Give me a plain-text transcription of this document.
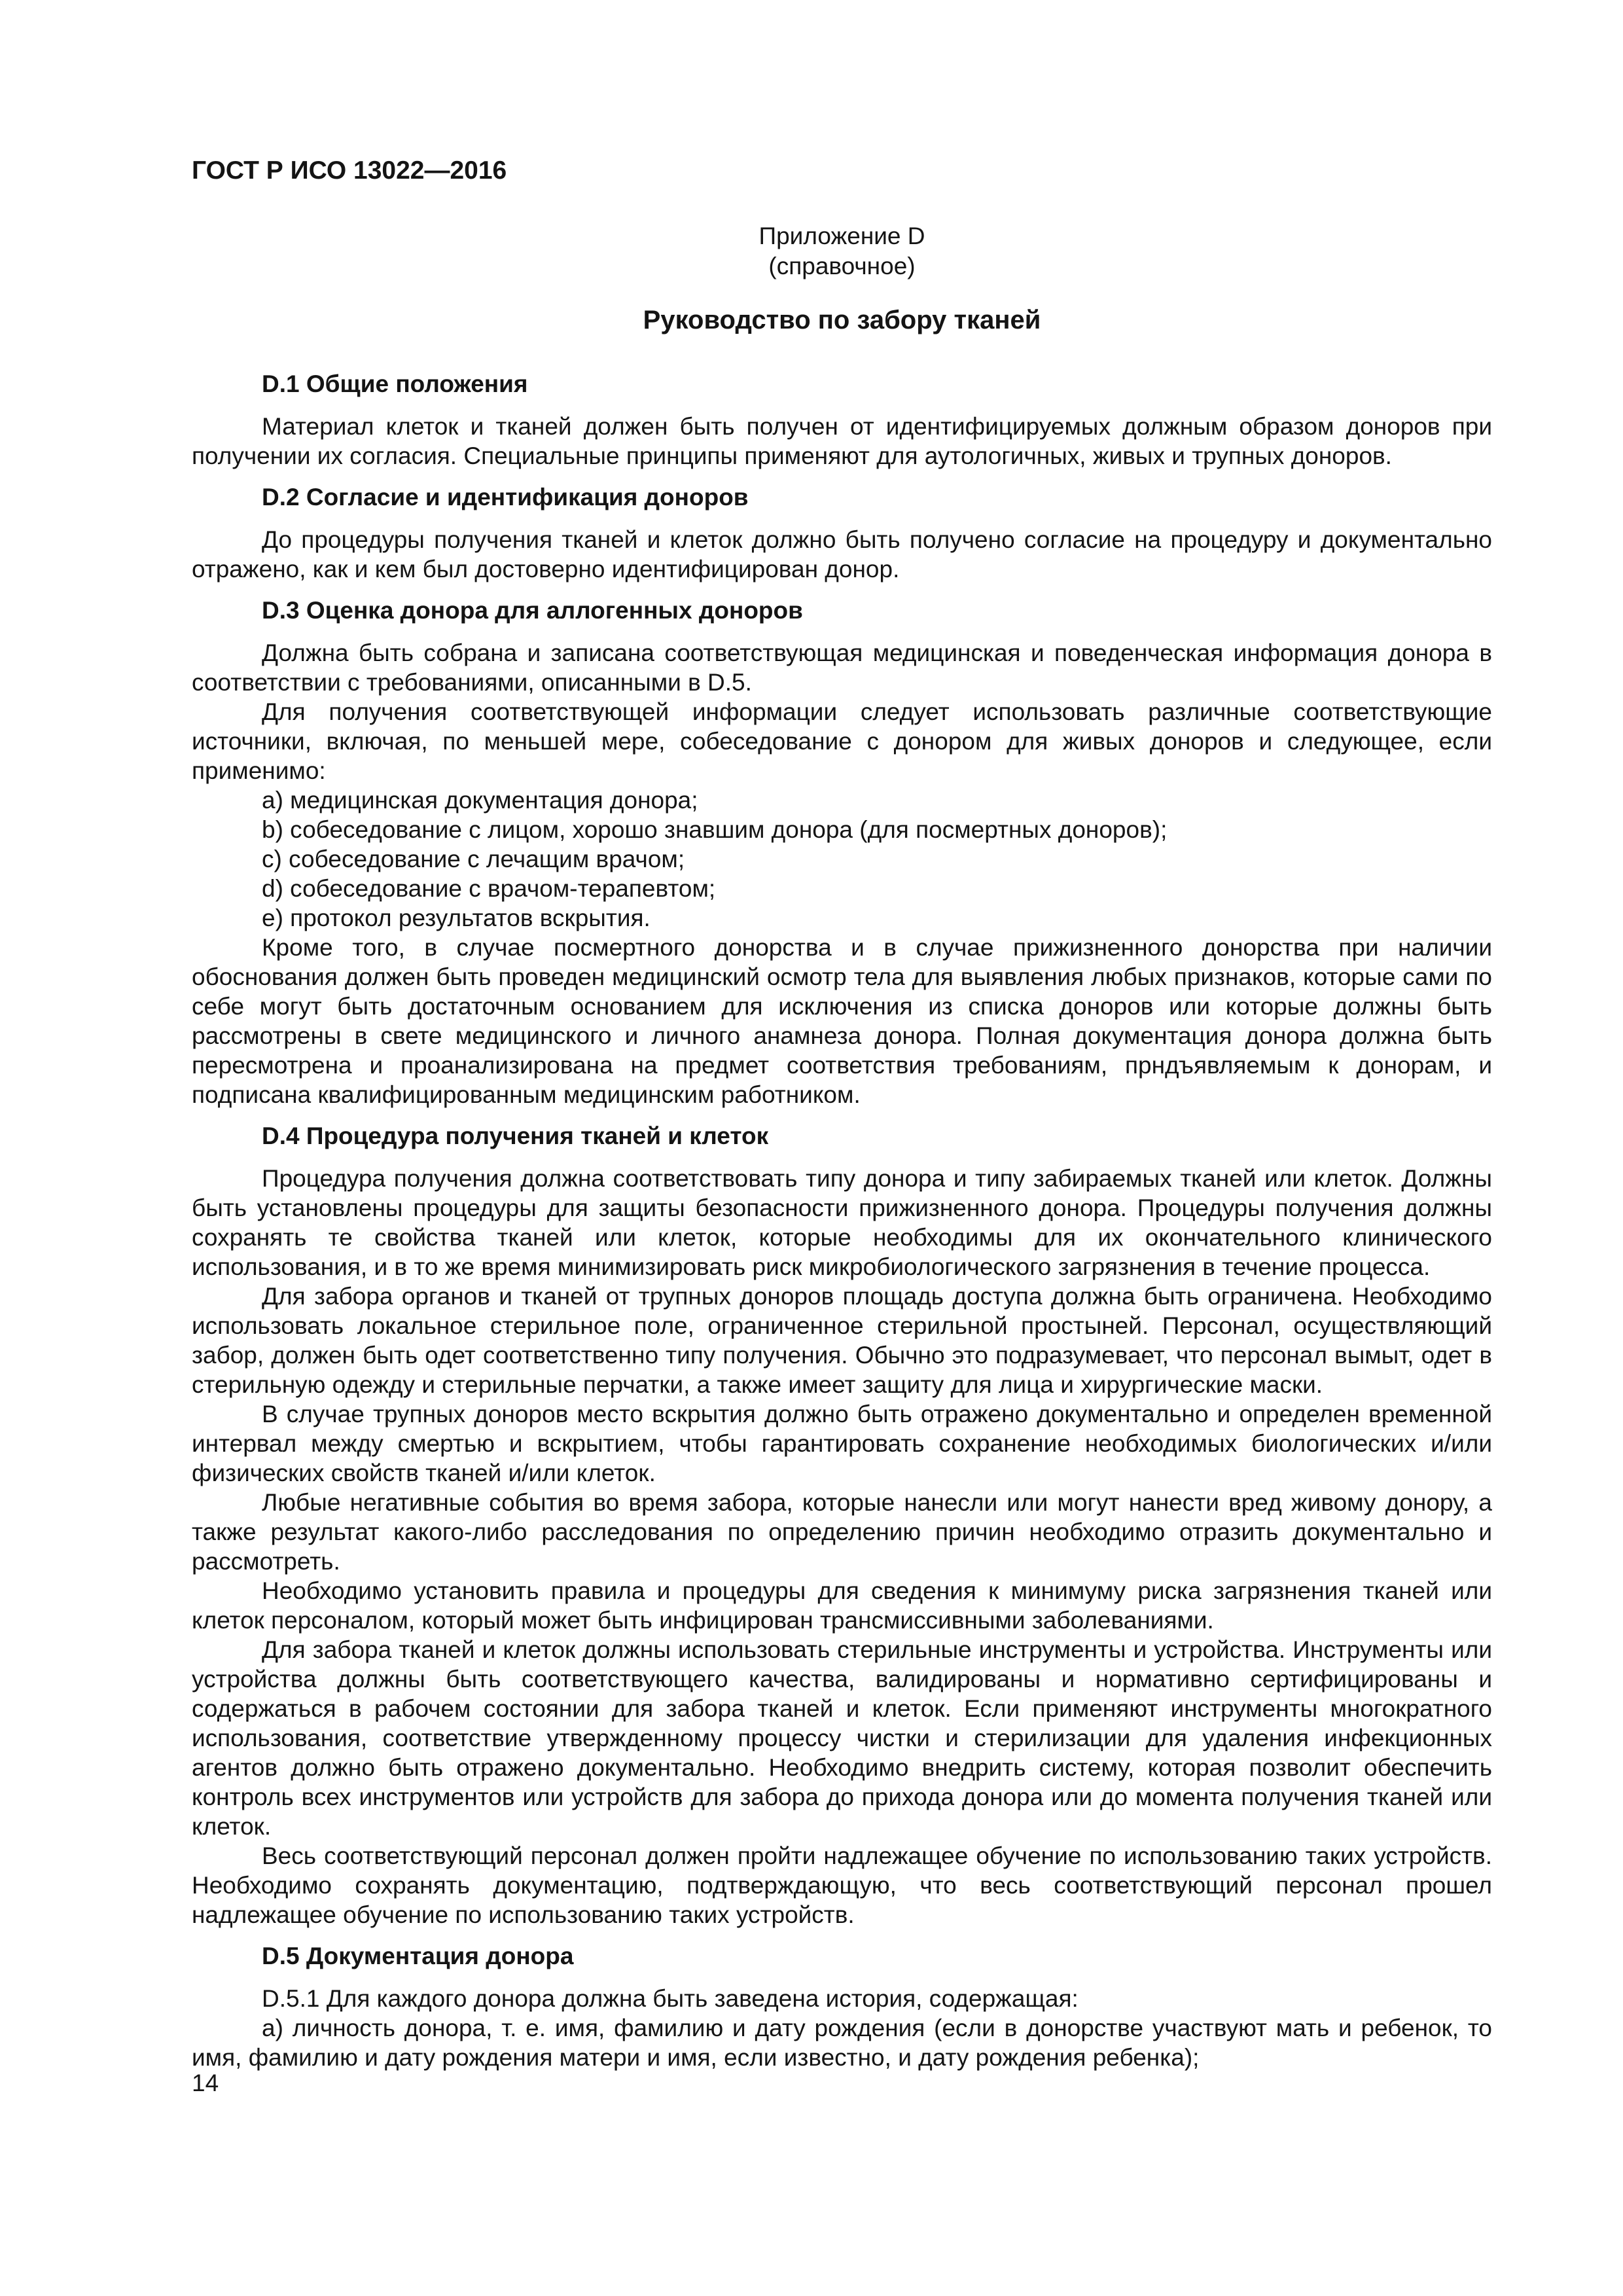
ГОСТ Р ИСО 13022—2016

Приложение D

(справочное)

Руководство по забору тканей

D.1 Общие положения

Материал клеток и тканей должен быть получен от идентифицируемых должным образом доноров при получении их согласия. Специальные принципы применяют для аутологичных, живых и трупных доноров.

D.2 Согласие и идентификация доноров

До процедуры получения тканей и клеток должно быть получено согласие на процедуру и документально отражено, как и кем был достоверно идентифицирован донор.

D.3 Оценка донора для аллогенных доноров

Должна быть собрана и записана соответствующая медицинская и поведенческая информация донора в соответствии с требованиями, описанными в D.5.

Для получения соответствующей информации следует использовать различные соответствующие источники, включая, по меньшей мере, собеседование с донором для живых доноров и следующее, если применимо:

a) медицинская документация донора;

b) собеседование с лицом, хорошо знавшим донора (для посмертных доноров);

c) собеседование с лечащим врачом;

d) собеседование с врачом-терапевтом;

e) протокол результатов вскрытия.

Кроме того, в случае посмертного донорства и в случае прижизненного донорства при наличии обоснования должен быть проведен медицинский осмотр тела для выявления любых признаков, которые сами по себе могут быть достаточным основанием для исключения из списка доноров или которые должны быть рассмотрены в свете медицинского и личного анамнеза донора. Полная документация донора должна быть пересмотрена и проанализирована на предмет соответствия требованиям, прндъявляемым к донорам, и подписана квалифицированным медицинским работником.

D.4 Процедура получения тканей и клеток

Процедура получения должна соответствовать типу донора и типу забираемых тканей или клеток. Должны быть установлены процедуры для защиты безопасности прижизненного донора. Процедуры получения должны сохранять те свойства тканей или клеток, которые необходимы для их окончательного клинического использования, и в то же время минимизировать риск микробиологического загрязнения в течение процесса.

Для забора органов и тканей от трупных доноров площадь доступа должна быть ограничена. Необходимо использовать локальное стерильное поле, ограниченное стерильной простыней. Персонал, осуществляющий забор, должен быть одет соответственно типу получения. Обычно это подразумевает, что персонал вымыт, одет в стерильную одежду и стерильные перчатки, а также имеет защиту для лица и хирургические маски.

В случае трупных доноров место вскрытия должно быть отражено документально и определен временной интервал между смертью и вскрытием, чтобы гарантировать сохранение необходимых биологических и/или физических свойств тканей и/или клеток.

Любые негативные события во время забора, которые нанесли или могут нанести вред живому донору, а также результат какого-либо расследования по определению причин необходимо отразить документально и рассмотреть.

Необходимо установить правила и процедуры для сведения к минимуму риска загрязнения тканей или клеток персоналом, который может быть инфицирован трансмиссивными заболеваниями.

Для забора тканей и клеток должны использовать стерильные инструменты и устройства. Инструменты или устройства должны быть соответствующего качества, валидированы и нормативно сертифицированы и содержаться в рабочем состоянии для забора тканей и клеток. Если применяют инструменты многократного использования, соответствие утвержденному процессу чистки и стерилизации для удаления инфекционных агентов должно быть отражено документально. Необходимо внедрить систему, которая позволит обеспечить контроль всех инструментов или устройств для забора до прихода донора или до момента получения тканей или клеток.

Весь соответствующий персонал должен пройти надлежащее обучение по использованию таких устройств. Необходимо сохранять документацию, подтверждающую, что весь соответствующий персонал прошел надлежащее обучение по использованию таких устройств.

D.5 Документация донора

D.5.1 Для каждого донора должна быть заведена история, содержащая:

a) личность донора, т. е. имя, фамилию и дату рождения (если в донорстве участвуют мать и ребенок, то имя, фамилию и дату рождения матери и имя, если известно, и дату рождения ребенка);

14
